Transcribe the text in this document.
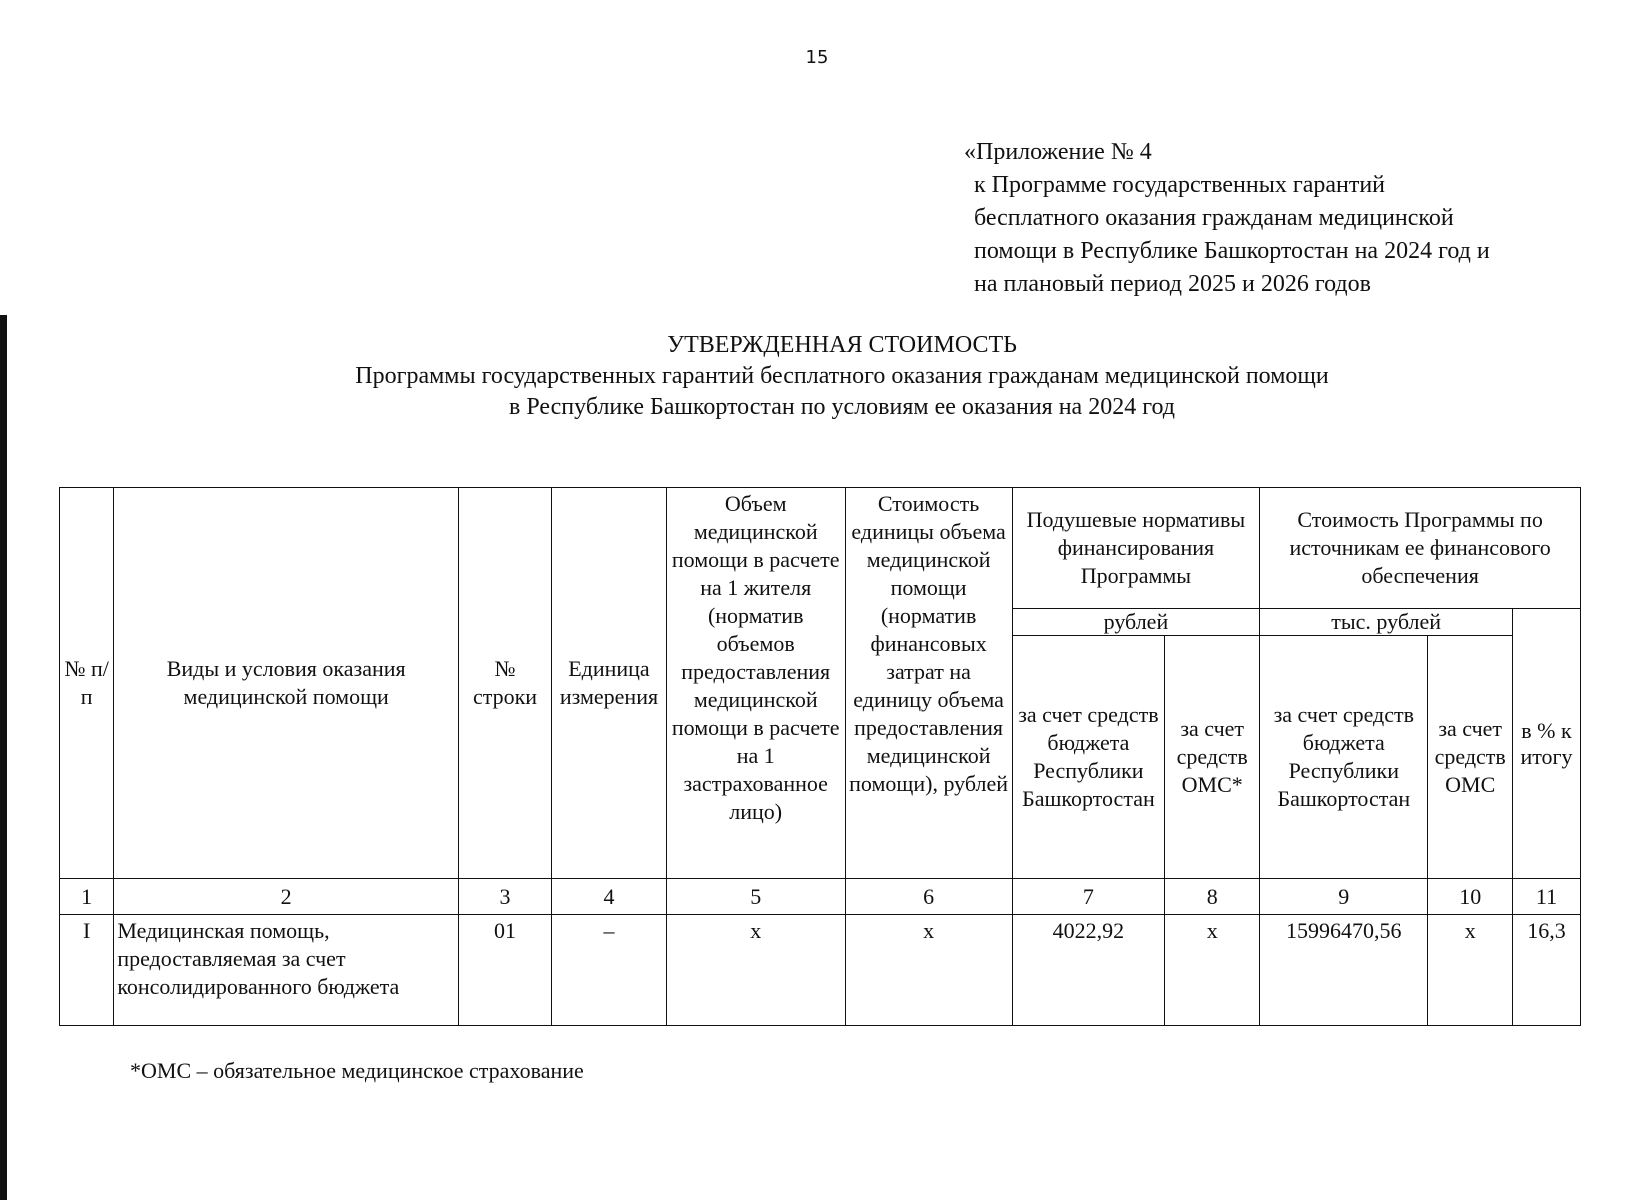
15
«Приложение № 4
к Программе государственных гарантий
бесплатного оказания гражданам медицинской
помощи в Республике Башкортостан на 2024 год и
на плановый период 2025 и 2026 годов
УТВЕРЖДЕННАЯ СТОИМОСТЬ
Программы государственных гарантий бесплатного оказания гражданам медицинской помощи
в Республике Башкортостан по условиям ее оказания на 2024 год
№ п/п	Виды и условия оказания медицинской помощи	№ строки	Единица измерения	Объем медицинской помощи в расчете на 1 жителя (норматив объемов предоставления медицинской помощи в расчете на 1 застрахованное лицо)	Стоимость единицы объема медицинской помощи (норматив финансовых затрат на единицу объема предоставления медицинской помощи), рублей	Подушевые нормативы финансирования Программы		Стоимость Программы по источникам ее финансового обеспечения		
						рублей		тыс. рублей		в % к итогу
						за счет средств бюджета Республики Башкортостан	за счет средств ОМС*	за счет средств бюджета Республики Башкортостан	за счет средств ОМС	
1	2	3	4	5	6	7	8	9	10	11
I	Медицинская помощь, предоставляемая за счет консолидированного бюджета	01	–	x	x	4022,92	x	15996470,56	x	16,3
*ОМС – обязательное медицинское страхование
